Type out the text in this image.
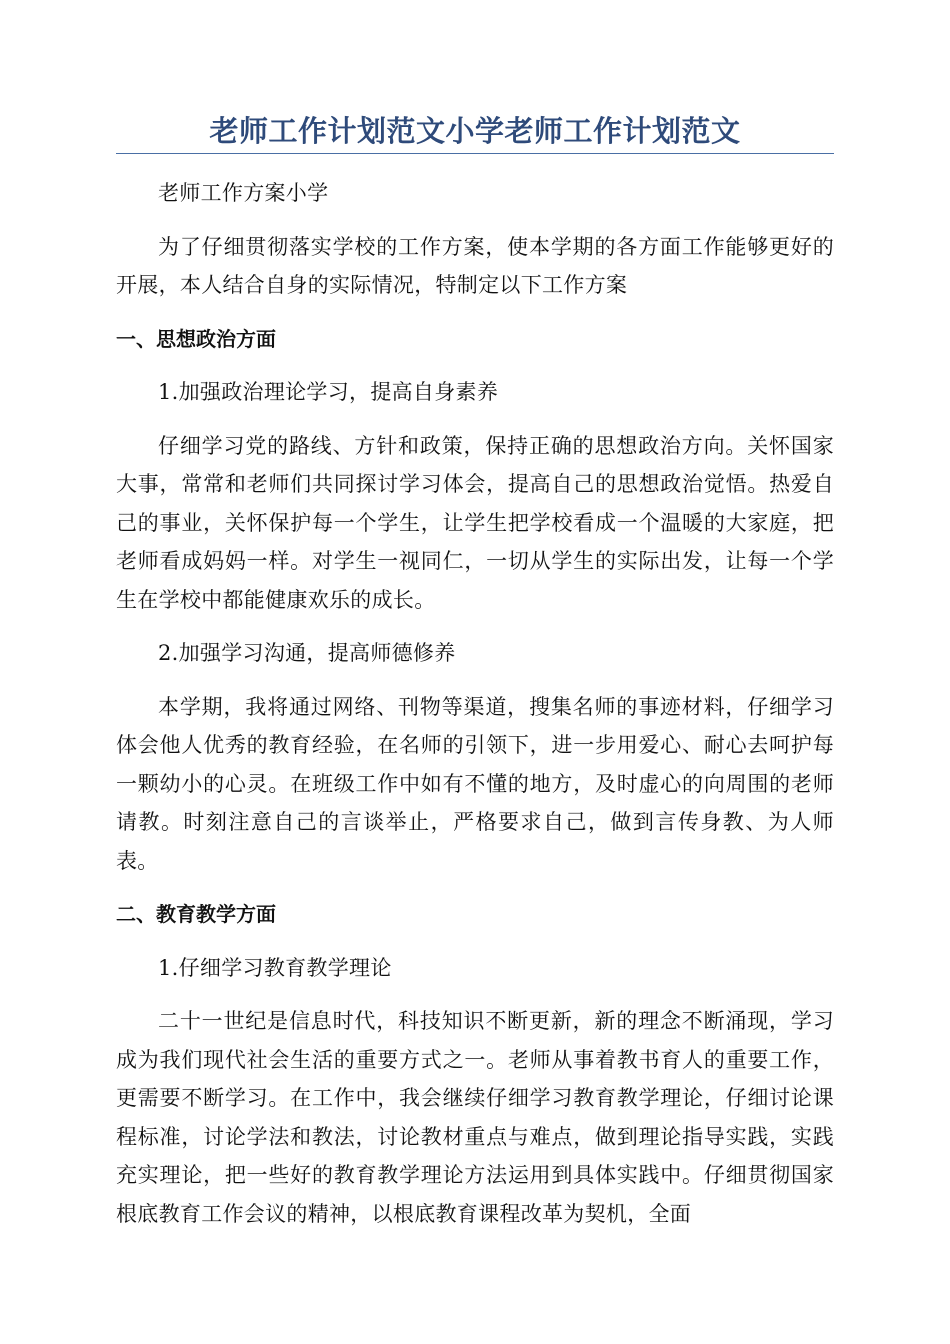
老师工作计划范文小学老师工作计划范文

老师工作方案小学

为了仔细贯彻落实学校的工作方案，使本学期的各方面工作能够更好的开展，本人结合自身的实际情况，特制定以下工作方案

一、思想政治方面

1.加强政治理论学习，提高自身素养

仔细学习党的路线、方针和政策，保持正确的思想政治方向。关怀国家大事，常常和老师们共同探讨学习体会，提高自己的思想政治觉悟。热爱自己的事业，关怀保护每一个学生，让学生把学校看成一个温暖的大家庭，把老师看成妈妈一样。对学生一视同仁，一切从学生的实际出发，让每一个学生在学校中都能健康欢乐的成长。

2.加强学习沟通，提高师德修养

本学期，我将通过网络、刊物等渠道，搜集名师的事迹材料，仔细学习体会他人优秀的教育经验，在名师的引领下，进一步用爱心、耐心去呵护每一颗幼小的心灵。在班级工作中如有不懂的地方，及时虚心的向周围的老师请教。时刻注意自己的言谈举止，严格要求自己，做到言传身教、为人师表。

二、教育教学方面

1.仔细学习教育教学理论

二十一世纪是信息时代，科技知识不断更新，新的理念不断涌现，学习成为我们现代社会生活的重要方式之一。老师从事着教书育人的重要工作，更需要不断学习。在工作中，我会继续仔细学习教育教学理论，仔细讨论课程标准，讨论学法和教法，讨论教材重点与难点，做到理论指导实践，实践充实理论，把一些好的教育教学理论方法运用到具体实践中。仔细贯彻国家根底教育工作会议的精神，以根底教育课程改革为契机，全面
